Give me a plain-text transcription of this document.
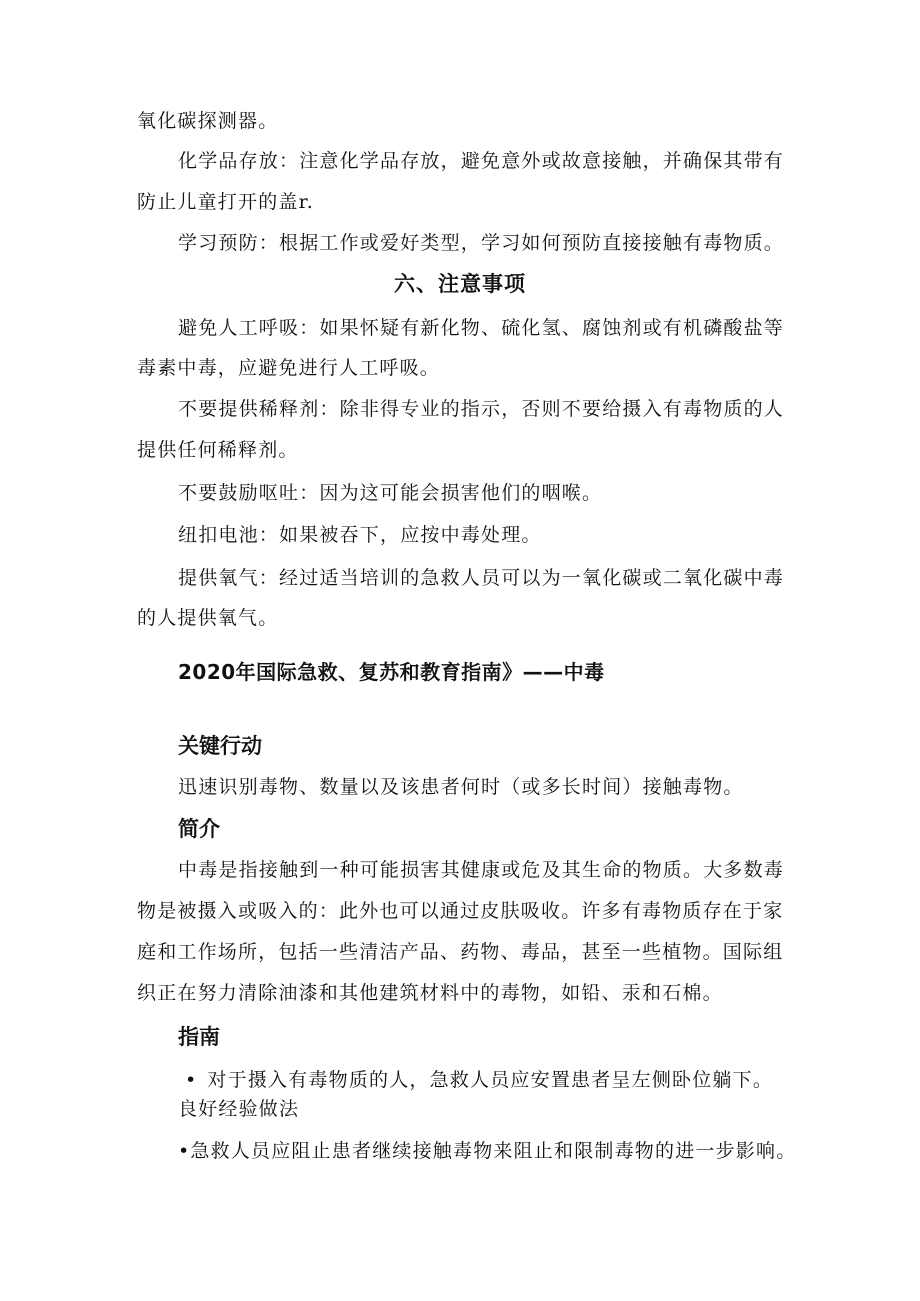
氧化碳探测器。

化学品存放：注意化学品存放，避免意外或故意接触，并确保其带有

防止儿童打开的盖r.

学习预防：根据工作或爱好类型，学习如何预防直接接触有毒物质。

六、注意事项

避免人工呼吸：如果怀疑有新化物、硫化氢、腐蚀剂或有机磷酸盐等

毒素中毒，应避免进行人工呼吸。

不要提供稀释剂：除非得专业的指示，否则不要给摄入有毒物质的人

提供任何稀释剂。

不要鼓励呕吐：因为这可能会损害他们的咽喉。

纽扣电池：如果被吞下，应按中毒处理。

提供氧气：经过适当培训的急救人员可以为一氧化碳或二氧化碳中毒

的人提供氧气。

2020年国际急救、复苏和教育指南》——中毒
关键行动

迅速识别毒物、数量以及该患者何时（或多长时间）接触毒物。

简介

中毒是指接触到一种可能损害其健康或危及其生命的物质。大多数毒

物是被摄入或吸入的：此外也可以通过皮肤吸收。许多有毒物质存在于家

庭和工作场所，包括一些清洁产品、药物、毒品，甚至一些植物。国际组

织正在努力清除油漆和其他建筑材料中的毒物，如铅、汞和石棉。

指南

• 对于摄入有毒物质的人，急救人员应安置患者呈左侧卧位躺下。

良好经验做法

•急救人员应阻止患者继续接触毒物来阻止和限制毒物的进一步影响。
